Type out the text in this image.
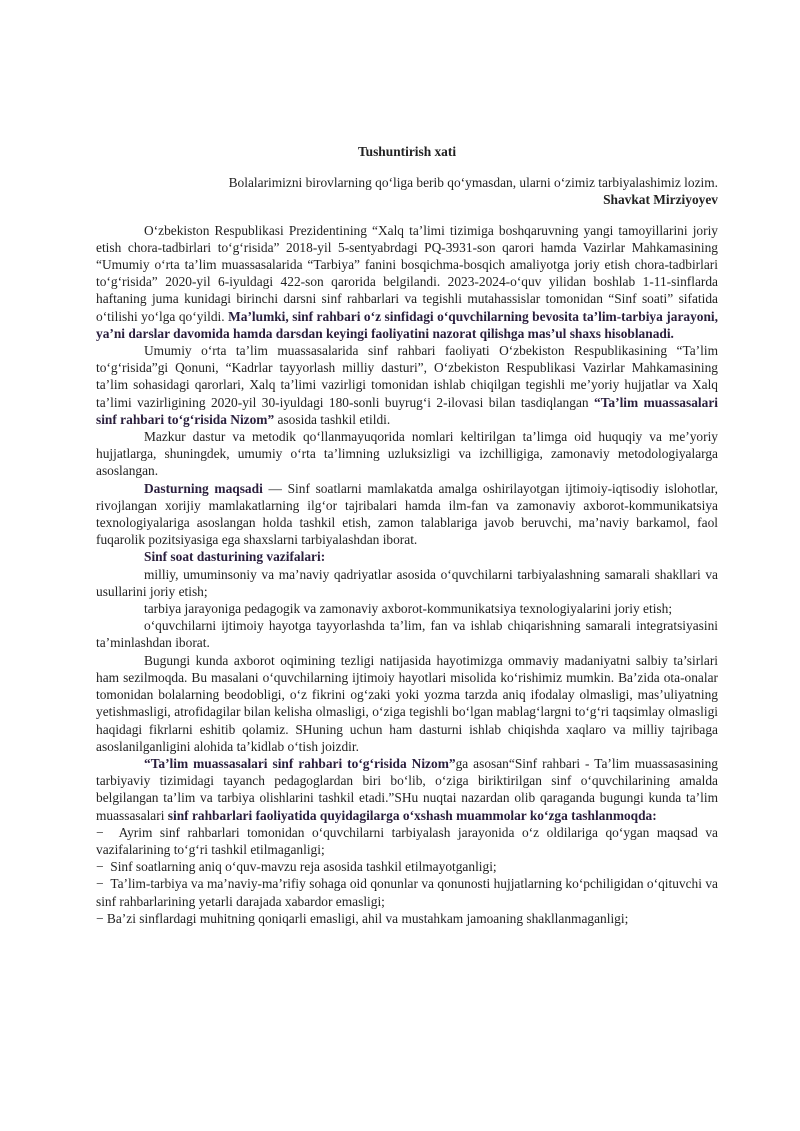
Tushuntirish xati

Bolalarimizni birovlarning qo‘liga berib qo‘ymasdan, ularni o‘zimiz tarbiyalashimiz lozim.

Shavkat Mirziyoyev

O‘zbekiston Respublikasi Prezidentining “Xalq ta’limi tizimiga boshqaruvning yangi tamoyillarini joriy etish chora-tadbirlari to‘g‘risida” 2018-yil 5-sentyabrdagi PQ-3931-son qarori hamda Vazirlar Mahkamasining “Umumiy o‘rta ta’lim muassasalarida “Tarbiya” fanini bosqichma-bosqich amaliyotga joriy etish chora-tadbirlari to‘g‘risida” 2020-yil 6-iyuldagi 422-son qarorida belgilandi. 2023-2024-o‘quv yilidan boshlab 1-11-sinflarda haftaning juma kunidagi birinchi darsni sinf rahbarlari va tegishli mutahassislar tomonidan “Sinf soati” sifatida o‘tilishi yo‘lga qo‘yildi. Ma’lumki, sinf rahbari o‘z sinfidagi o‘quvchilarning bevosita ta’lim-tarbiya jarayoni, ya’ni darslar davomida hamda darsdan keyingi faoliyatini nazorat qilishga mas’ul shaxs hisoblanadi.

Umumiy o‘rta ta’lim muassasalarida sinf rahbari faoliyati O‘zbekiston Respublikasining “Ta’lim to‘g‘risida”gi Qonuni, “Kadrlar tayyorlash milliy dasturi”, O‘zbekiston Respublikasi Vazirlar Mahkamasining ta’lim sohasidagi qarorlari, Xalq ta’limi vazirligi tomonidan ishlab chiqilgan tegishli me’yoriy hujjatlar va Xalq ta’limi vazirligining 2020-yil 30-iyuldagi 180-sonli buyrug‘i 2-ilovasi bilan tasdiqlangan “Ta’lim muassasalari sinf rahbari to‘g‘risida Nizom” asosida tashkil etildi.

Mazkur dastur va metodik qo‘llanmayuqorida nomlari keltirilgan ta’limga oid huquqiy va me’yoriy hujjatlarga, shuningdek, umumiy o‘rta ta’limning uzluksizligi va izchilligiga, zamonaviy metodologiyalarga asoslangan.

Dasturning maqsadi — Sinf soatlarni mamlakatda amalga oshirilayotgan ijtimoiy-iqtisodiy islohotlar, rivojlangan xorijiy mamlakatlarning ilg‘or tajribalari hamda ilm-fan va zamonaviy axborot-kommunikatsiya texnologiyalariga asoslangan holda tashkil etish, zamon talablariga javob beruvchi, ma’naviy barkamol, faol fuqarolik pozitsiyasiga ega shaxslarni tarbiyalashdan iborat.

Sinf soat dasturining vazifalari:

milliy, umuminsoniy va ma’naviy qadriyatlar asosida o‘quvchilarni tarbiyalashning samarali shakllari va usullarini joriy etish;

tarbiya jarayoniga pedagogik va zamonaviy axborot-kommunikatsiya texnologiyalarini joriy etish;

o‘quvchilarni ijtimoiy hayotga tayyorlashda ta’lim, fan va ishlab chiqarishning samarali integratsiyasini ta’minlashdan iborat.

Bugungi kunda axborot oqimining tezligi natijasida hayotimizga ommaviy madaniyatni salbiy ta’sirlari ham sezilmoqda. Bu masalani o‘quvchilarning ijtimoiy hayotlari misolida ko‘rishimiz mumkin. Ba’zida ota-onalar tomonidan bolalarning beodobligi, o‘z fikrini og‘zaki yoki yozma tarzda aniq ifodalay olmasligi, mas’uliyatning yetishmasligi, atrofidagilar bilan kelisha olmasligi, o‘ziga tegishli bo‘lgan mablag‘largni to‘g‘ri taqsimlay olmasligi haqidagi fikrlarni eshitib qolamiz. SHuning uchun ham dasturni ishlab chiqishda xaqlaro va milliy tajribaga asoslanilganligini alohida ta’kidlab o‘tish joizdir.

“Ta’lim muassasalari sinf rahbari to‘g‘risida Nizom”ga asosan“Sinf rahbari - Ta’lim muassasasining tarbiyaviy tizimidagi tayanch pedagoglardan biri bo‘lib, o‘ziga biriktirilgan sinf o‘quvchilarining amalda belgilangan ta’lim va tarbiya olishlarini tashkil etadi.”SHu nuqtai nazardan olib qaraganda bugungi kunda ta’lim muassasalari sinf rahbarlari faoliyatida quyidagilarga o‘xshash muammolar ko‘zga tashlanmoqda:

− Ayrim sinf rahbarlari tomonidan o‘quvchilarni tarbiyalash jarayonida o‘z oldilariga qo‘ygan maqsad va vazifalarining to‘g‘ri tashkil etilmaganligi;

− Sinf soatlarning aniq o‘quv-mavzu reja asosida tashkil etilmayotganligi;

− Ta’lim-tarbiya va ma’naviy-ma’rifiy sohaga oid qonunlar va qonunosti hujjatlarning ko‘pchiligidan o‘qituvchi va sinf rahbarlarining yetarli darajada xabardor emasligi;

− Ba’zi sinflardagi muhitning qoniqarli emasligi, ahil va mustahkam jamoaning shakllanmaganligi;
